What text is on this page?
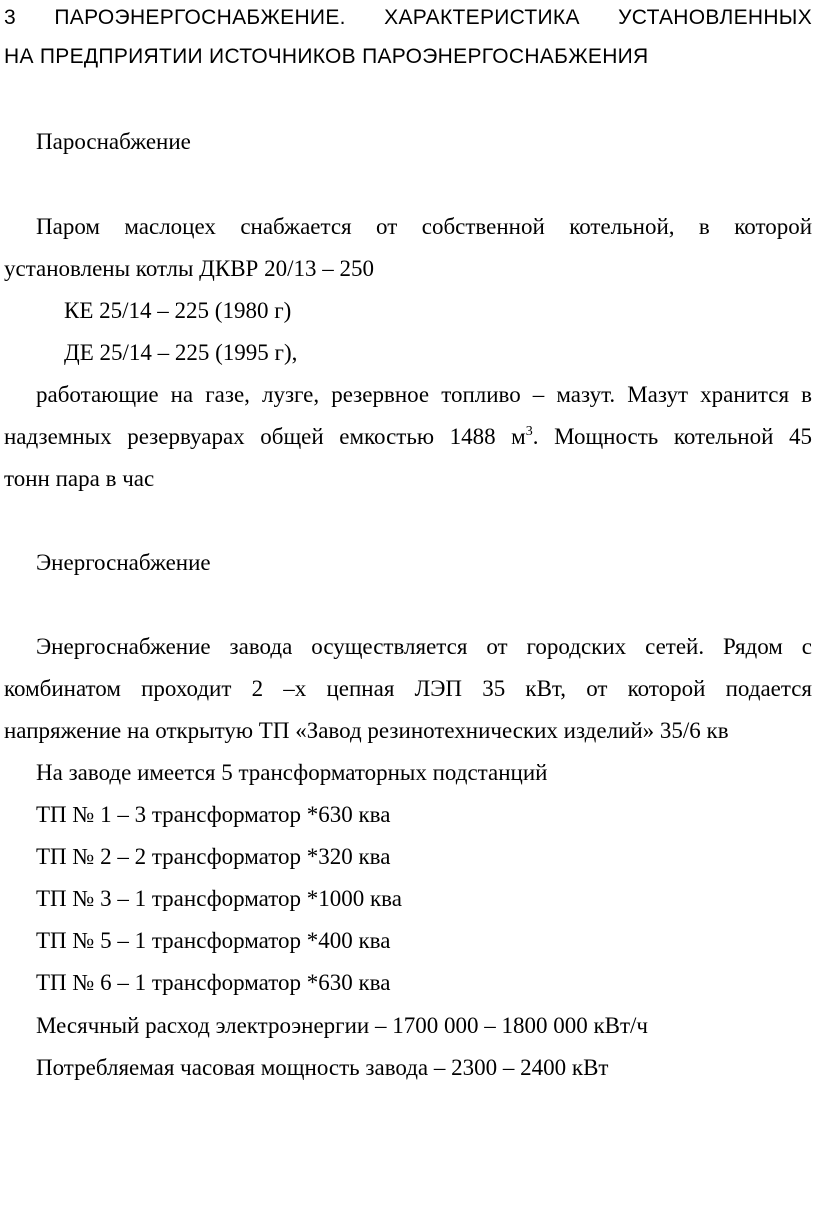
3 ПАРОЭНЕРГОСНАБЖЕНИЕ. ХАРАКТЕРИСТИКА УСТАНОВЛЕННЫХ
НА ПРЕДПРИЯТИИ ИСТОЧНИКОВ ПАРОЭНЕРГОСНАБЖЕНИЯ
Пароснабжение
Паром маслоцех снабжается от собственной котельной, в которой
установлены котлы ДКВР 20/13 – 250
КЕ 25/14 – 225 (1980 г)
ДЕ 25/14 – 225 (1995 г),
работающие на газе, лузге, резервное топливо – мазут. Мазут хранится в
надземных резервуарах общей емкостью 1488 $м^3$. Мощность котельной 45
тонн пара в час
Энергоснабжение
Энергоснабжение завода осуществляется от городских сетей. Рядом с
комбинатом проходит 2 –х цепная ЛЭП 35 кВт, от которой подается
напряжение на открытую ТП «Завод резинотехнических изделий» 35/6 кв
На заводе имеется 5 трансформаторных подстанций
ТП № 1 – 3 трансформатор *630 ква
ТП № 2 – 2 трансформатор *320 ква
ТП № 3 – 1 трансформатор *1000 ква
ТП № 5 – 1 трансформатор *400 ква
ТП № 6 – 1 трансформатор *630 ква
Месячный расход электроэнергии – 1700 000 – 1800 000 кВт/ч
Потребляемая часовая мощность завода – 2300 – 2400 кВт
